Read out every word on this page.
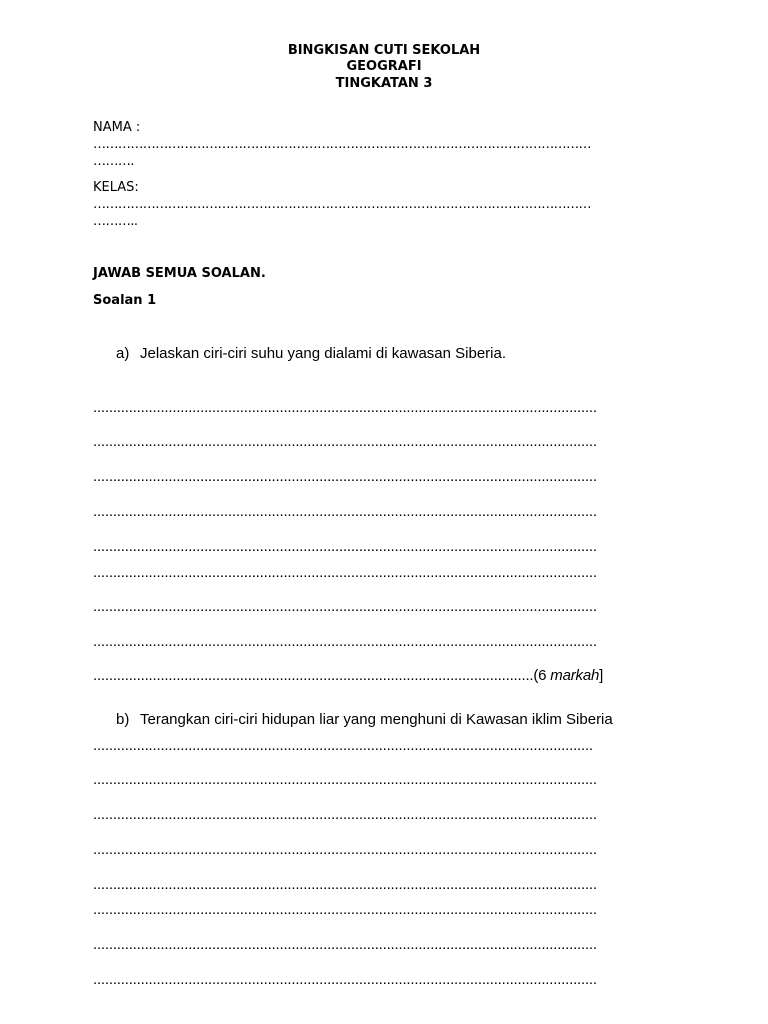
BINGKISAN CUTI SEKOLAH
GEOGRAFI
TINGKATAN 3
NAMA :
…………………………………………………………………………………………………………
……….
KELAS:
…………………………………………………………………………………………………………
………..
JAWAB SEMUA SOALAN.
Soalan 1
a) Jelaskan ciri-ciri suhu yang dialami di kawasan Siberia.
...............................................................................................................................
...............................................................................................................................
...............................................................................................................................
...............................................................................................................................
...............................................................................................................................
...............................................................................................................................
...............................................................................................................................
...............................................................................................................................
...............................................................................................................(6 markah]
b) Terangkan ciri-ciri hidupan liar yang menghuni di Kawasan iklim Siberia
..............................................................................................................................
...............................................................................................................................
...............................................................................................................................
...............................................................................................................................
...............................................................................................................................
...............................................................................................................................
...............................................................................................................................
...............................................................................................................................
